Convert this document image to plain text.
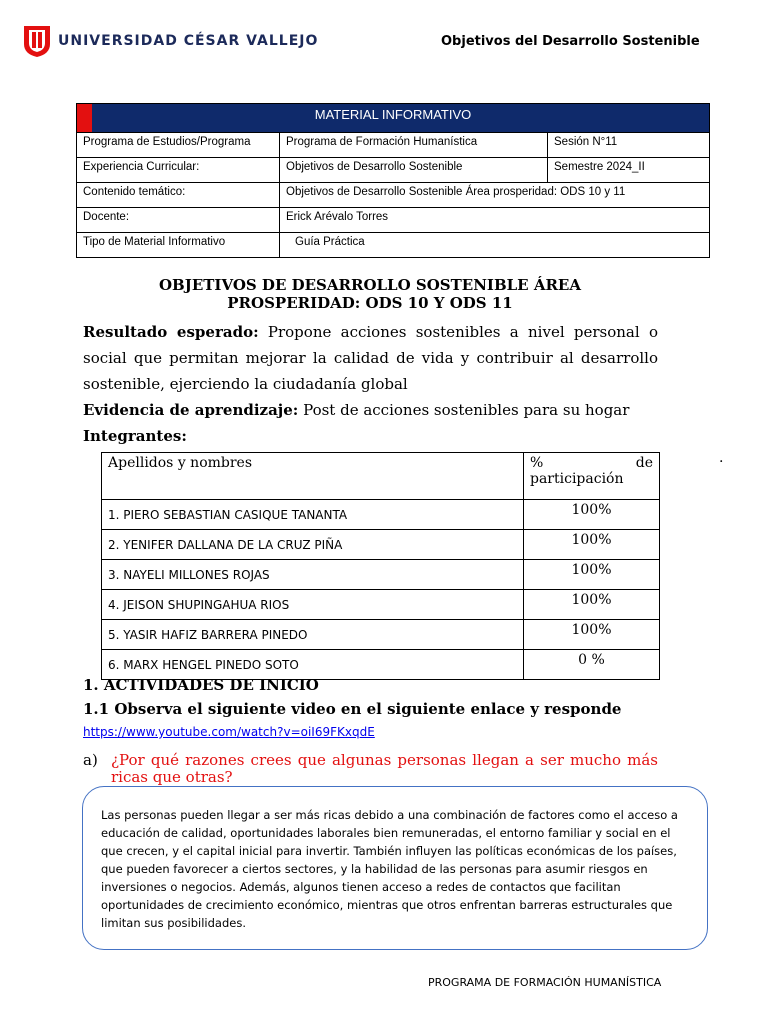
UNIVERSIDAD CÉSAR VALLEJO	Objetivos del Desarrollo Sostenible
MATERIAL INFORMATIVO		
Programa de Estudios/Programa	Programa de Formación Humanística	Sesión N°11
Experiencia Curricular:	Objetivos de Desarrollo Sostenible	Semestre 2024_II
Contenido temático:	Objetivos de Desarrollo Sostenible Área prosperidad: ODS 10 y 11	
Docente:	Erick Arévalo Torres	
Tipo de Material Informativo	Guía Práctica	
OBJETIVOS DE DESARROLLO SOSTENIBLE ÁREA
PROSPERIDAD: ODS 10 Y ODS 11
Resultado esperado: Propone acciones sostenibles a nivel personal o social que permitan mejorar la calidad de vida y contribuir al desarrollo sostenible, ejerciendo la ciudadanía global
Evidencia de aprendizaje: Post de acciones sostenibles para su hogar
Integrantes:
.
Apellidos y nombres	% de
participación

1. PIERO SEBASTIAN CASIQUE TANANTA	100%
2. YENIFER DALLANA DE LA CRUZ PIÑA	100%
3. NAYELI MILLONES ROJAS	100%
4. JEISON SHUPINGAHUA RIOS	100%
5. YASIR HAFIZ BARRERA PINEDO	100%
6. MARX HENGEL PINEDO SOTO	0 %
1. ACTIVIDADES DE INICIO
1.1 Observa el siguiente video en el siguiente enlace y responde
https://www.youtube.com/watch?v=oiI69FKxqdE
a) ¿Por qué razones crees que algunas personas llegan a ser mucho más ricas que otras?
Las personas pueden llegar a ser más ricas debido a una combinación de factores como el acceso a educación de calidad, oportunidades laborales bien remuneradas, el entorno familiar y social en el que crecen, y el capital inicial para invertir. También influyen las políticas económicas de los países, que pueden favorecer a ciertos sectores, y la habilidad de las personas para asumir riesgos en inversiones o negocios. Además, algunos tienen acceso a redes de contactos que facilitan oportunidades de crecimiento económico, mientras que otros enfrentan barreras estructurales que limitan sus posibilidades.
PROGRAMA DE FORMACIÓN HUMANÍSTICA
